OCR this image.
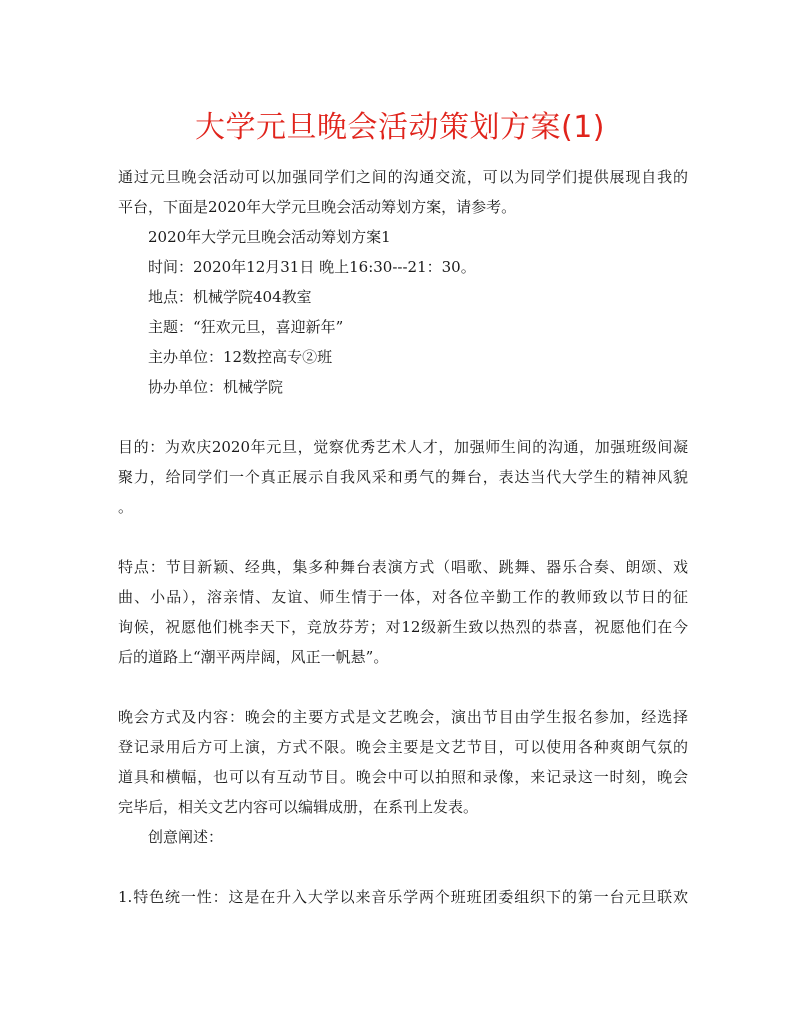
大学元旦晚会活动策划方案(1)
通过元旦晚会活动可以加强同学们之间的沟通交流，可以为同学们提供展现自我的
平台，下面是2020年大学元旦晚会活动筹划方案，请参考。
2020年大学元旦晚会活动筹划方案1
时间：2020年12月31日 晚上16:30---21：30。
地点：机械学院404教室
主题：“狂欢元旦，喜迎新年”
主办单位：12数控高专②班
协办单位：机械学院
目的：为欢庆2020年元旦，觉察优秀艺术人才，加强师生间的沟通，加强班级间凝
聚力，给同学们一个真正展示自我风采和勇气的舞台，表达当代大学生的精神风貌
。
特点：节目新颖、经典，集多种舞台表演方式（唱歌、跳舞、器乐合奏、朗颂、戏
曲、小品），溶亲情、友谊、师生情于一体，对各位辛勤工作的教师致以节日的征
询候，祝愿他们桃李天下，竞放芬芳；对12级新生致以热烈的恭喜，祝愿他们在今
后的道路上“潮平两岸阔，风正一帆悬”。
晚会方式及内容：晚会的主要方式是文艺晚会，演出节目由学生报名参加，经选择
登记录用后方可上演，方式不限。晚会主要是文艺节目，可以使用各种爽朗气氛的
道具和横幅，也可以有互动节目。晚会中可以拍照和录像，来记录这一时刻，晚会
完毕后，相关文艺内容可以编辑成册，在系刊上发表。
创意阐述：
1.特色统一性：这是在升入大学以来音乐学两个班班团委组织下的第一台元旦联欢
